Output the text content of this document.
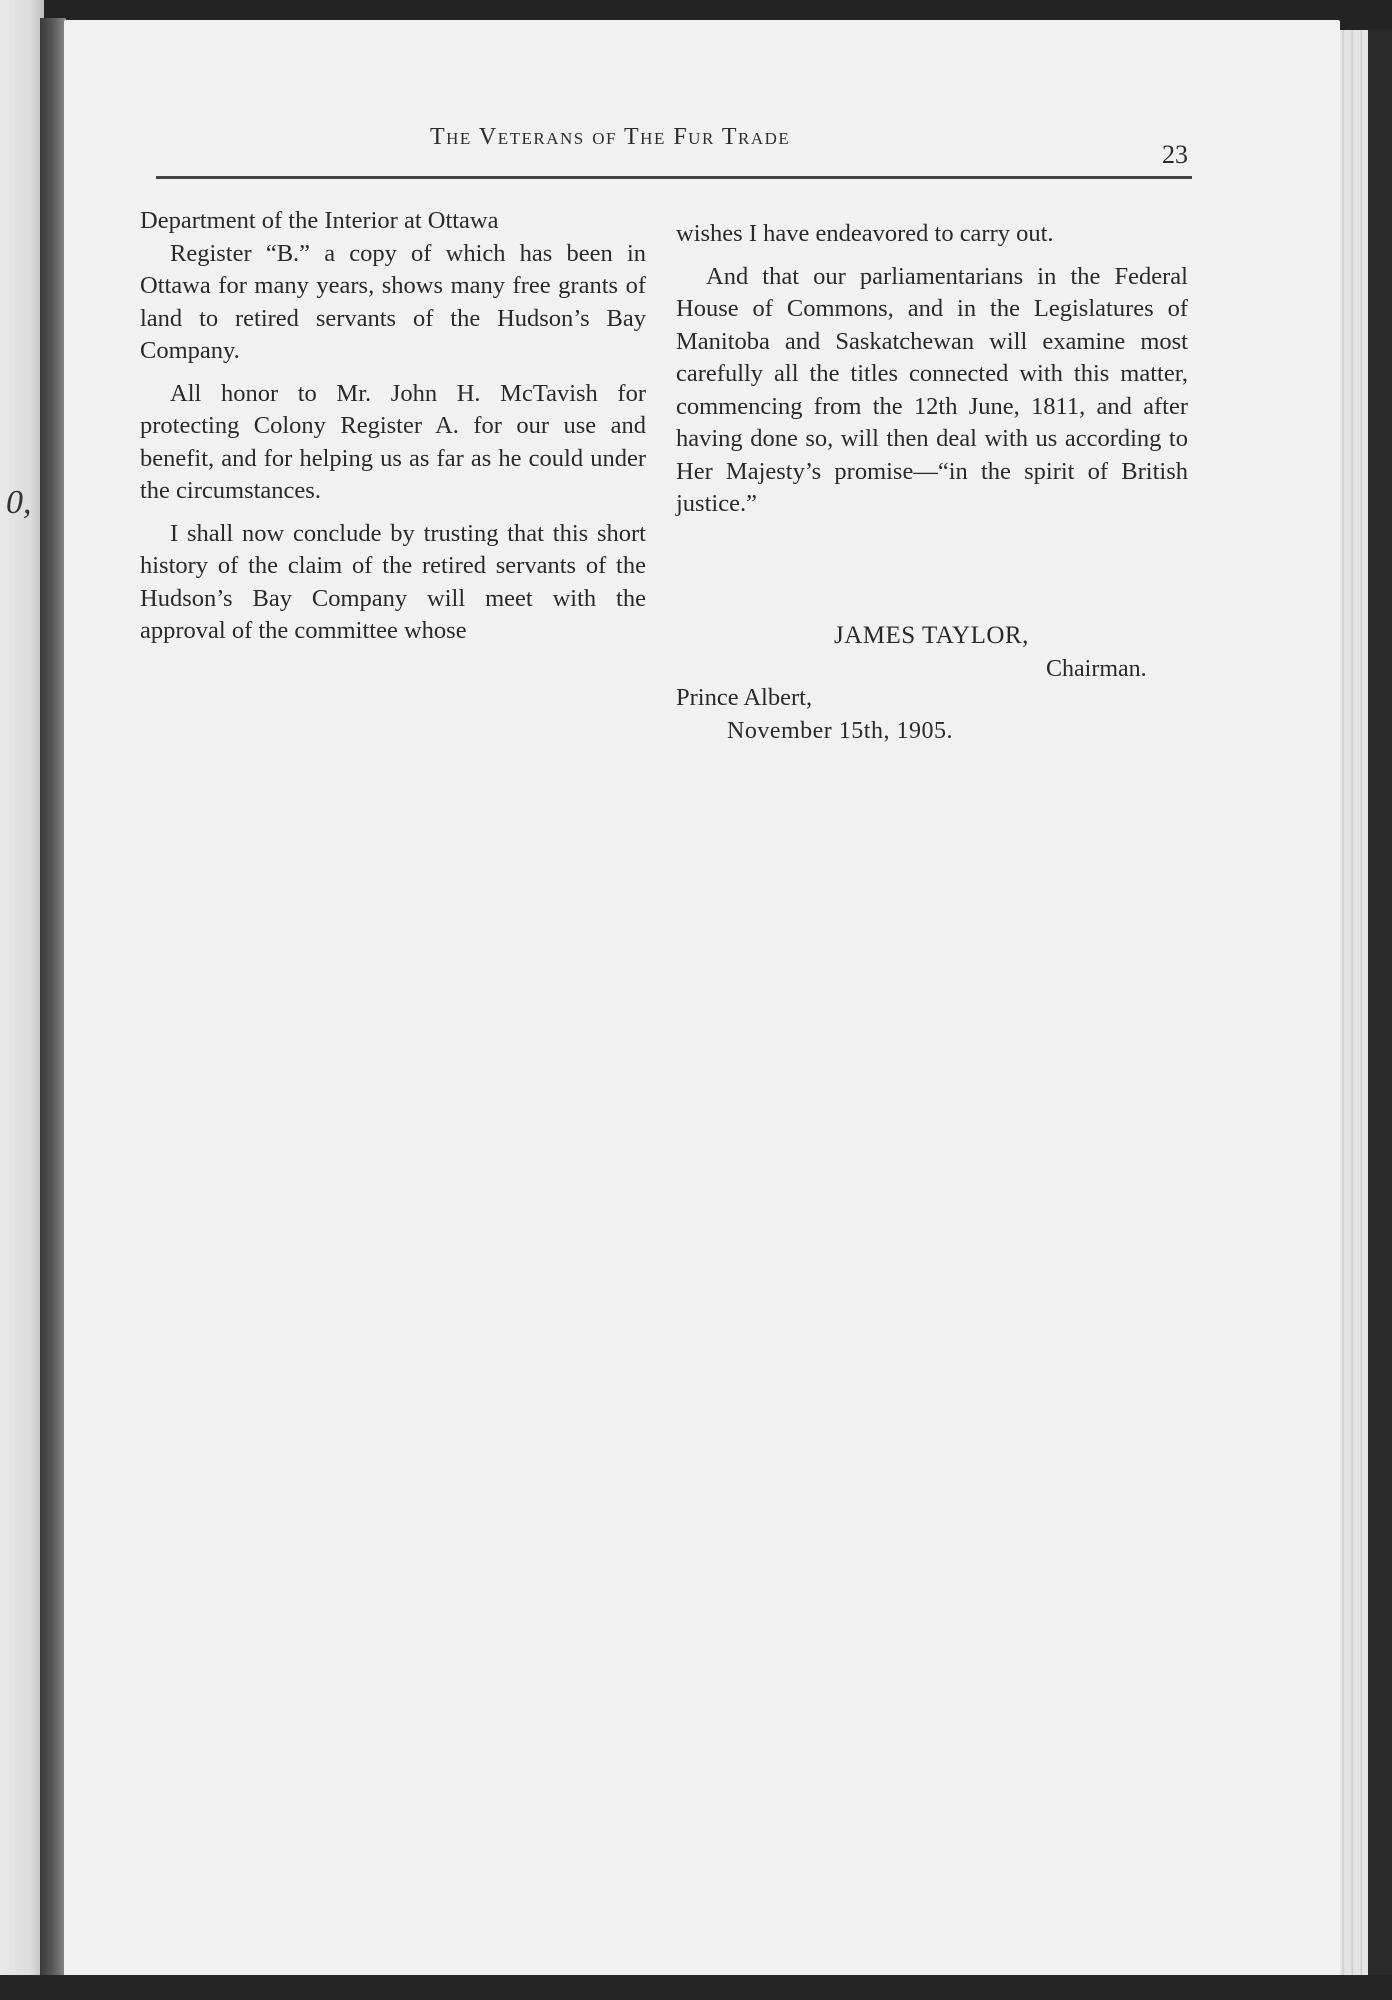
0,
The Veterans of The Fur Trade
23

Department of the Interior at Ottawa

Register “B.” a copy of which has been in Ottawa for many years, shows many free grants of land to retired servants of the Hudson’s Bay Company.

All honor to Mr. John H. McTavish for protecting Colony Register A. for our use and benefit, and for helping us as far as he could under the circumstances.

I shall now conclude by trusting that this short history of the claim of the retired servants of the Hudson’s Bay Company will meet with the approval of the committee whose

wishes I have endeavored to carry out.

And that our parliamentarians in the Federal House of Commons, and in the Legislatures of Manitoba and Saskatchewan will examine most carefully all the titles connected with this matter, commencing from the 12th June, 1811, and after having done so, will then deal with us according to Her Majesty’s promise—“in the spirit of British justice.”

JAMES TAYLOR,
Chairman.
Prince Albert,
November 15th, 1905.
